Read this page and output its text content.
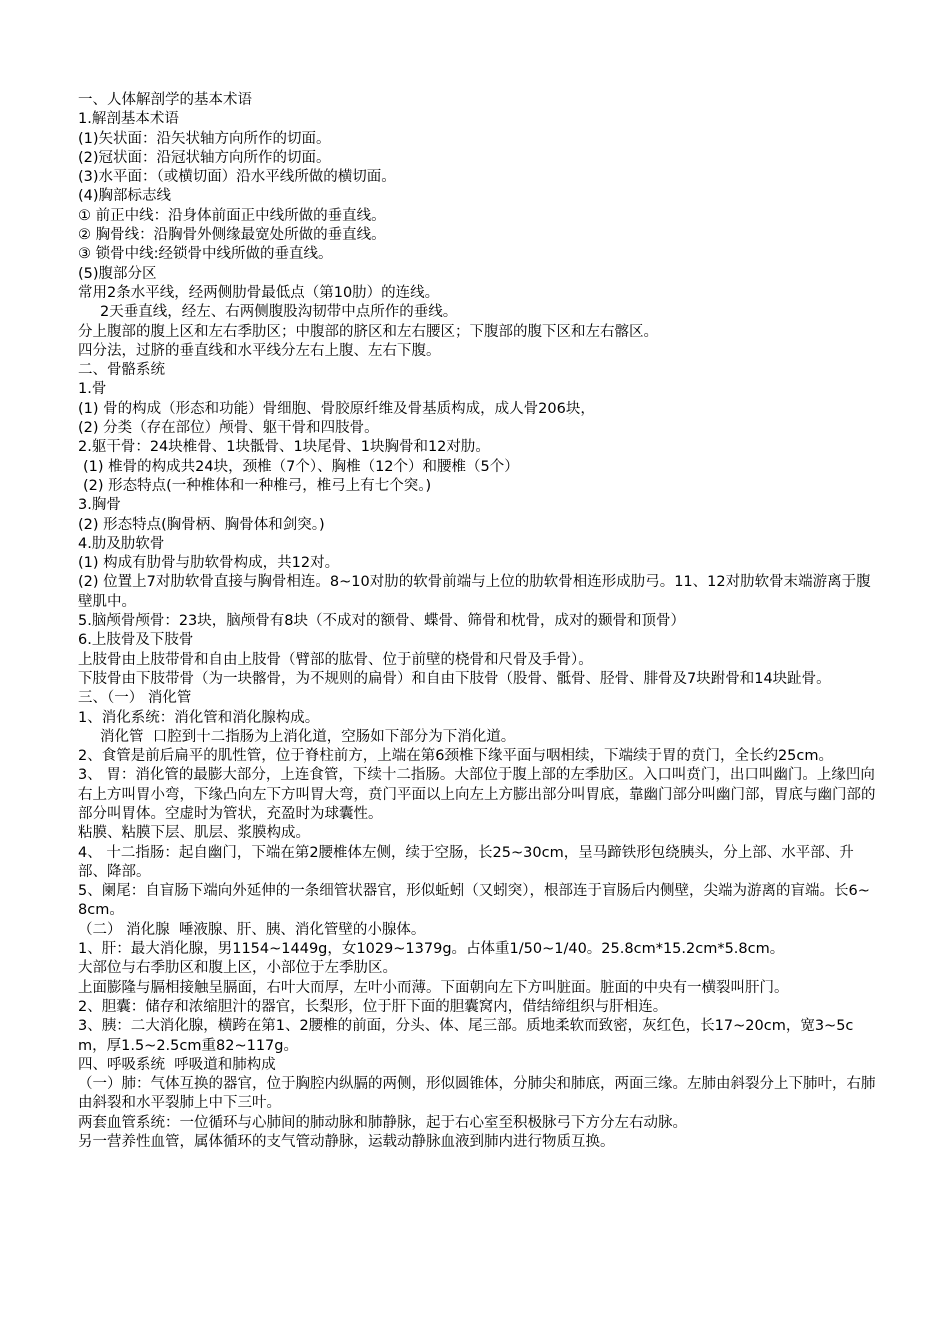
一、人体解剖学的基本术语
1.解剖基本术语
(1)矢状面：沿矢状轴方向所作的切面。
(2)冠状面：沿冠状轴方向所作的切面。
(3)水平面：（或横切面）沿水平线所做的横切面。
(4)胸部标志线
① 前正中线：沿身体前面正中线所做的垂直线。
② 胸骨线：沿胸骨外侧缘最宽处所做的垂直线。
③ 锁骨中线:经锁骨中线所做的垂直线。
(5)腹部分区
常用2条水平线，经两侧肋骨最低点（第10肋）的连线。
2天垂直线，经左、右两侧腹股沟韧带中点所作的垂线。
分上腹部的腹上区和左右季肋区；中腹部的脐区和左右腰区；下腹部的腹下区和左右髂区。
四分法，过脐的垂直线和水平线分左右上腹、左右下腹。
二、骨骼系统
1.骨
(1) 骨的构成（形态和功能）骨细胞、骨胶原纤维及骨基质构成，成人骨206块，
(2) 分类（存在部位）颅骨、躯干骨和四肢骨。
2.躯干骨：24块椎骨、1块骶骨、1块尾骨、1块胸骨和12对肋。
(1) 椎骨的构成共24块，颈椎（7个）、胸椎（12个）和腰椎（5个）
(2) 形态特点(一种椎体和一种椎弓，椎弓上有七个突。)
3.胸骨
(2) 形态特点(胸骨柄、胸骨体和剑突。)
4.肋及肋软骨
(1) 构成有肋骨与肋软骨构成，共12对。
(2) 位置上7对肋软骨直接与胸骨相连。8~10对肋的软骨前端与上位的肋软骨相连形成肋弓。11、12对肋软骨末端游离于腹壁肌中。
5.脑颅骨颅骨：23块，脑颅骨有8块（不成对的额骨、蝶骨、筛骨和枕骨，成对的颞骨和顶骨）
6.上肢骨及下肢骨
上肢骨由上肢带骨和自由上肢骨（臂部的肱骨、位于前壁的桡骨和尺骨及手骨）。
下肢骨由下肢带骨（为一块髂骨，为不规则的扁骨）和自由下肢骨（股骨、骶骨、胫骨、腓骨及7块跗骨和14块趾骨。
三、（一） 消化管
1、消化系统：消化管和消化腺构成。
消化管  口腔到十二指肠为上消化道，空肠如下部分为下消化道。
2、食管是前后扁平的肌性管，位于脊柱前方，上端在第6颈椎下缘平面与咽相续，下端续于胃的贲门，全长约25cm。
3、 胃：消化管的最膨大部分，上连食管，下续十二指肠。大部位于腹上部的左季肋区。入口叫贲门，出口叫幽门。上缘凹向右上方叫胃小弯，下缘凸向左下方叫胃大弯，贲门平面以上向左上方膨出部分叫胃底，靠幽门部分叫幽门部，胃底与幽门部的部分叫胃体。空虚时为管状，充盈时为球囊性。
粘膜、粘膜下层、肌层、浆膜构成。
4、 十二指肠：起自幽门，下端在第2腰椎体左侧，续于空肠，长25~30cm，呈马蹄铁形包绕胰头，分上部、水平部、升部、降部。
5、阑尾：自盲肠下端向外延伸的一条细管状器官，形似蚯蚓（又蚓突），根部连于盲肠后内侧壁，尖端为游离的盲端。长6~8cm。
（二） 消化腺  唾液腺、肝、胰、消化管壁的小腺体。
1、肝：最大消化腺，男1154~1449g，女1029~1379g。占体重1/50~1/40。25.8cm*15.2cm*5.8cm。
大部位与右季肋区和腹上区，小部位于左季肋区。
上面膨隆与膈相接触呈膈面，右叶大而厚，左叶小而薄。下面朝向左下方叫脏面。脏面的中央有一横裂叫肝门。
2、胆囊：储存和浓缩胆汁的器官，长梨形，位于肝下面的胆囊窝内，借结缔组织与肝相连。
3、胰：二大消化腺，横跨在第1、2腰椎的前面，分头、体、尾三部。质地柔软而致密，灰红色，长17~20cm，宽3~5cm，厚1.5~2.5cm重82~117g。
四、呼吸系统  呼吸道和肺构成
（一）肺：气体互换的器官，位于胸腔内纵膈的两侧，形似圆锥体，分肺尖和肺底，两面三缘。左肺由斜裂分上下肺叶，右肺由斜裂和水平裂肺上中下三叶。
两套血管系统：一位循环与心肺间的肺动脉和肺静脉，起于右心室至积极脉弓下方分左右动脉。
另一营养性血管，属体循环的支气管动静脉，运载动静脉血液到肺内进行物质互换。
